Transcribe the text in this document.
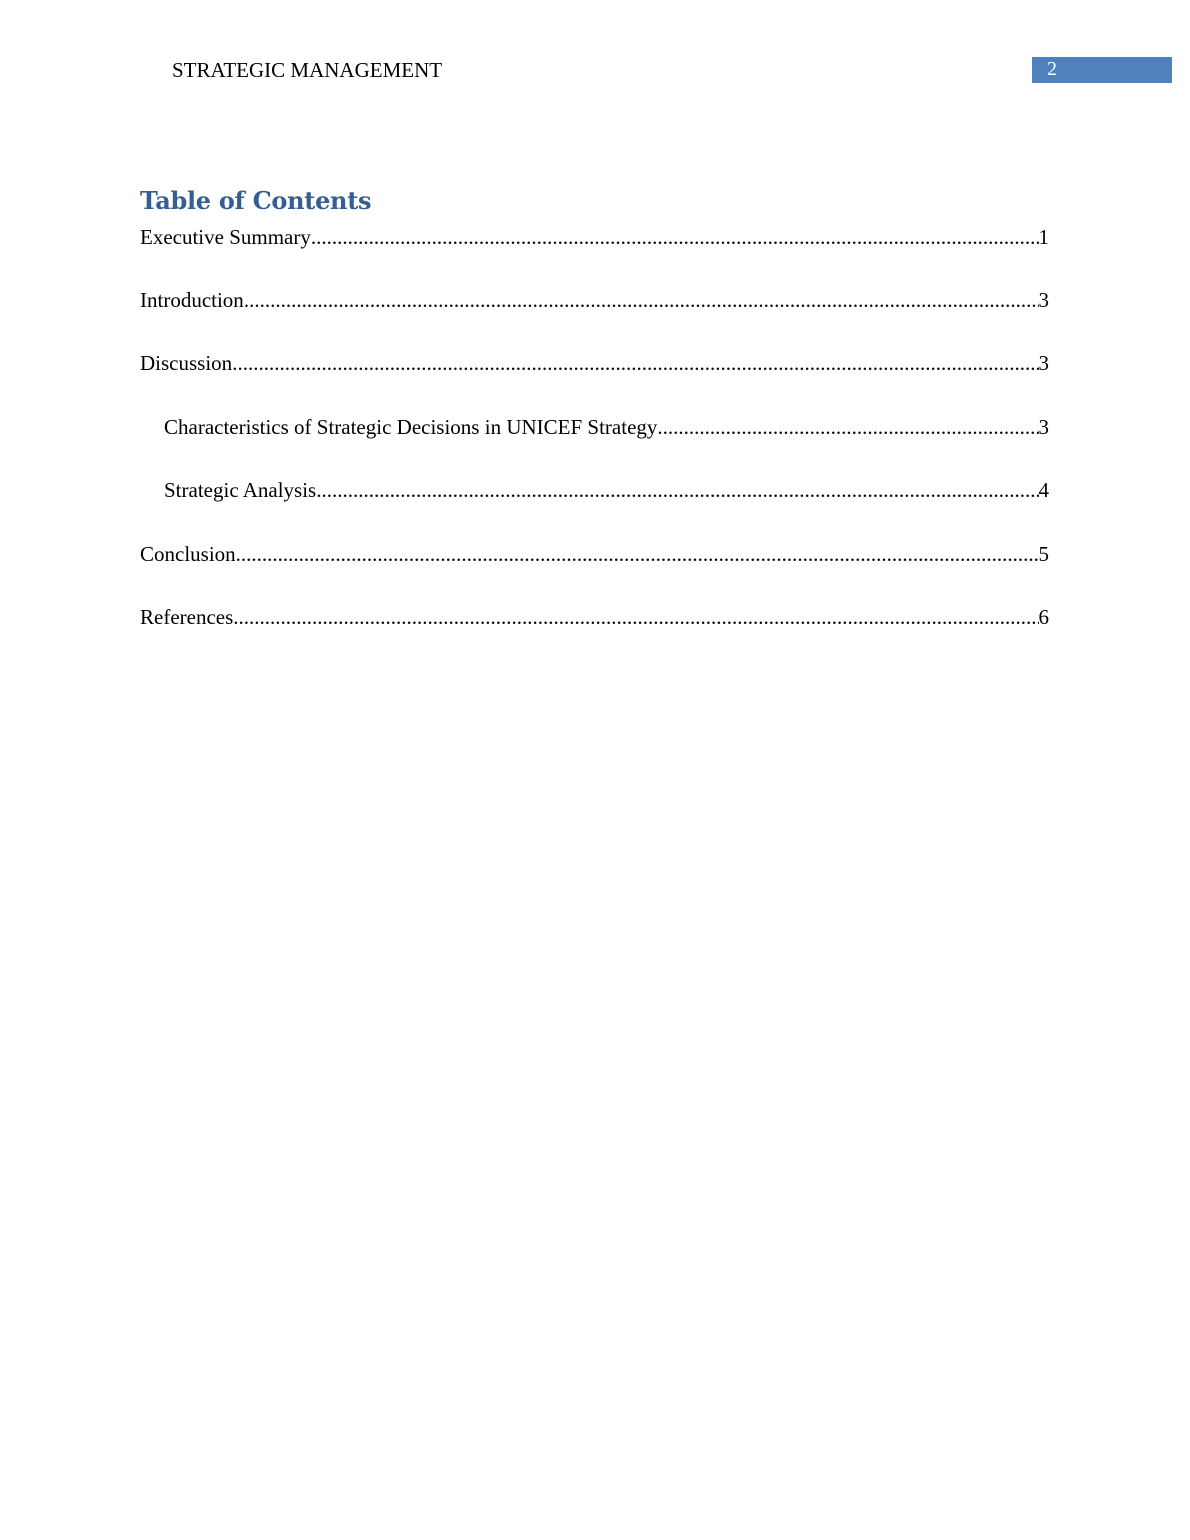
STRATEGIC MANAGEMENT	2
Table of Contents
Executive Summary .....	1
Introduction .....	3
Discussion .....	3
Characteristics of Strategic Decisions in UNICEF Strategy .....	3
Strategic Analysis .....	4
Conclusion .....	5
References .....	6
